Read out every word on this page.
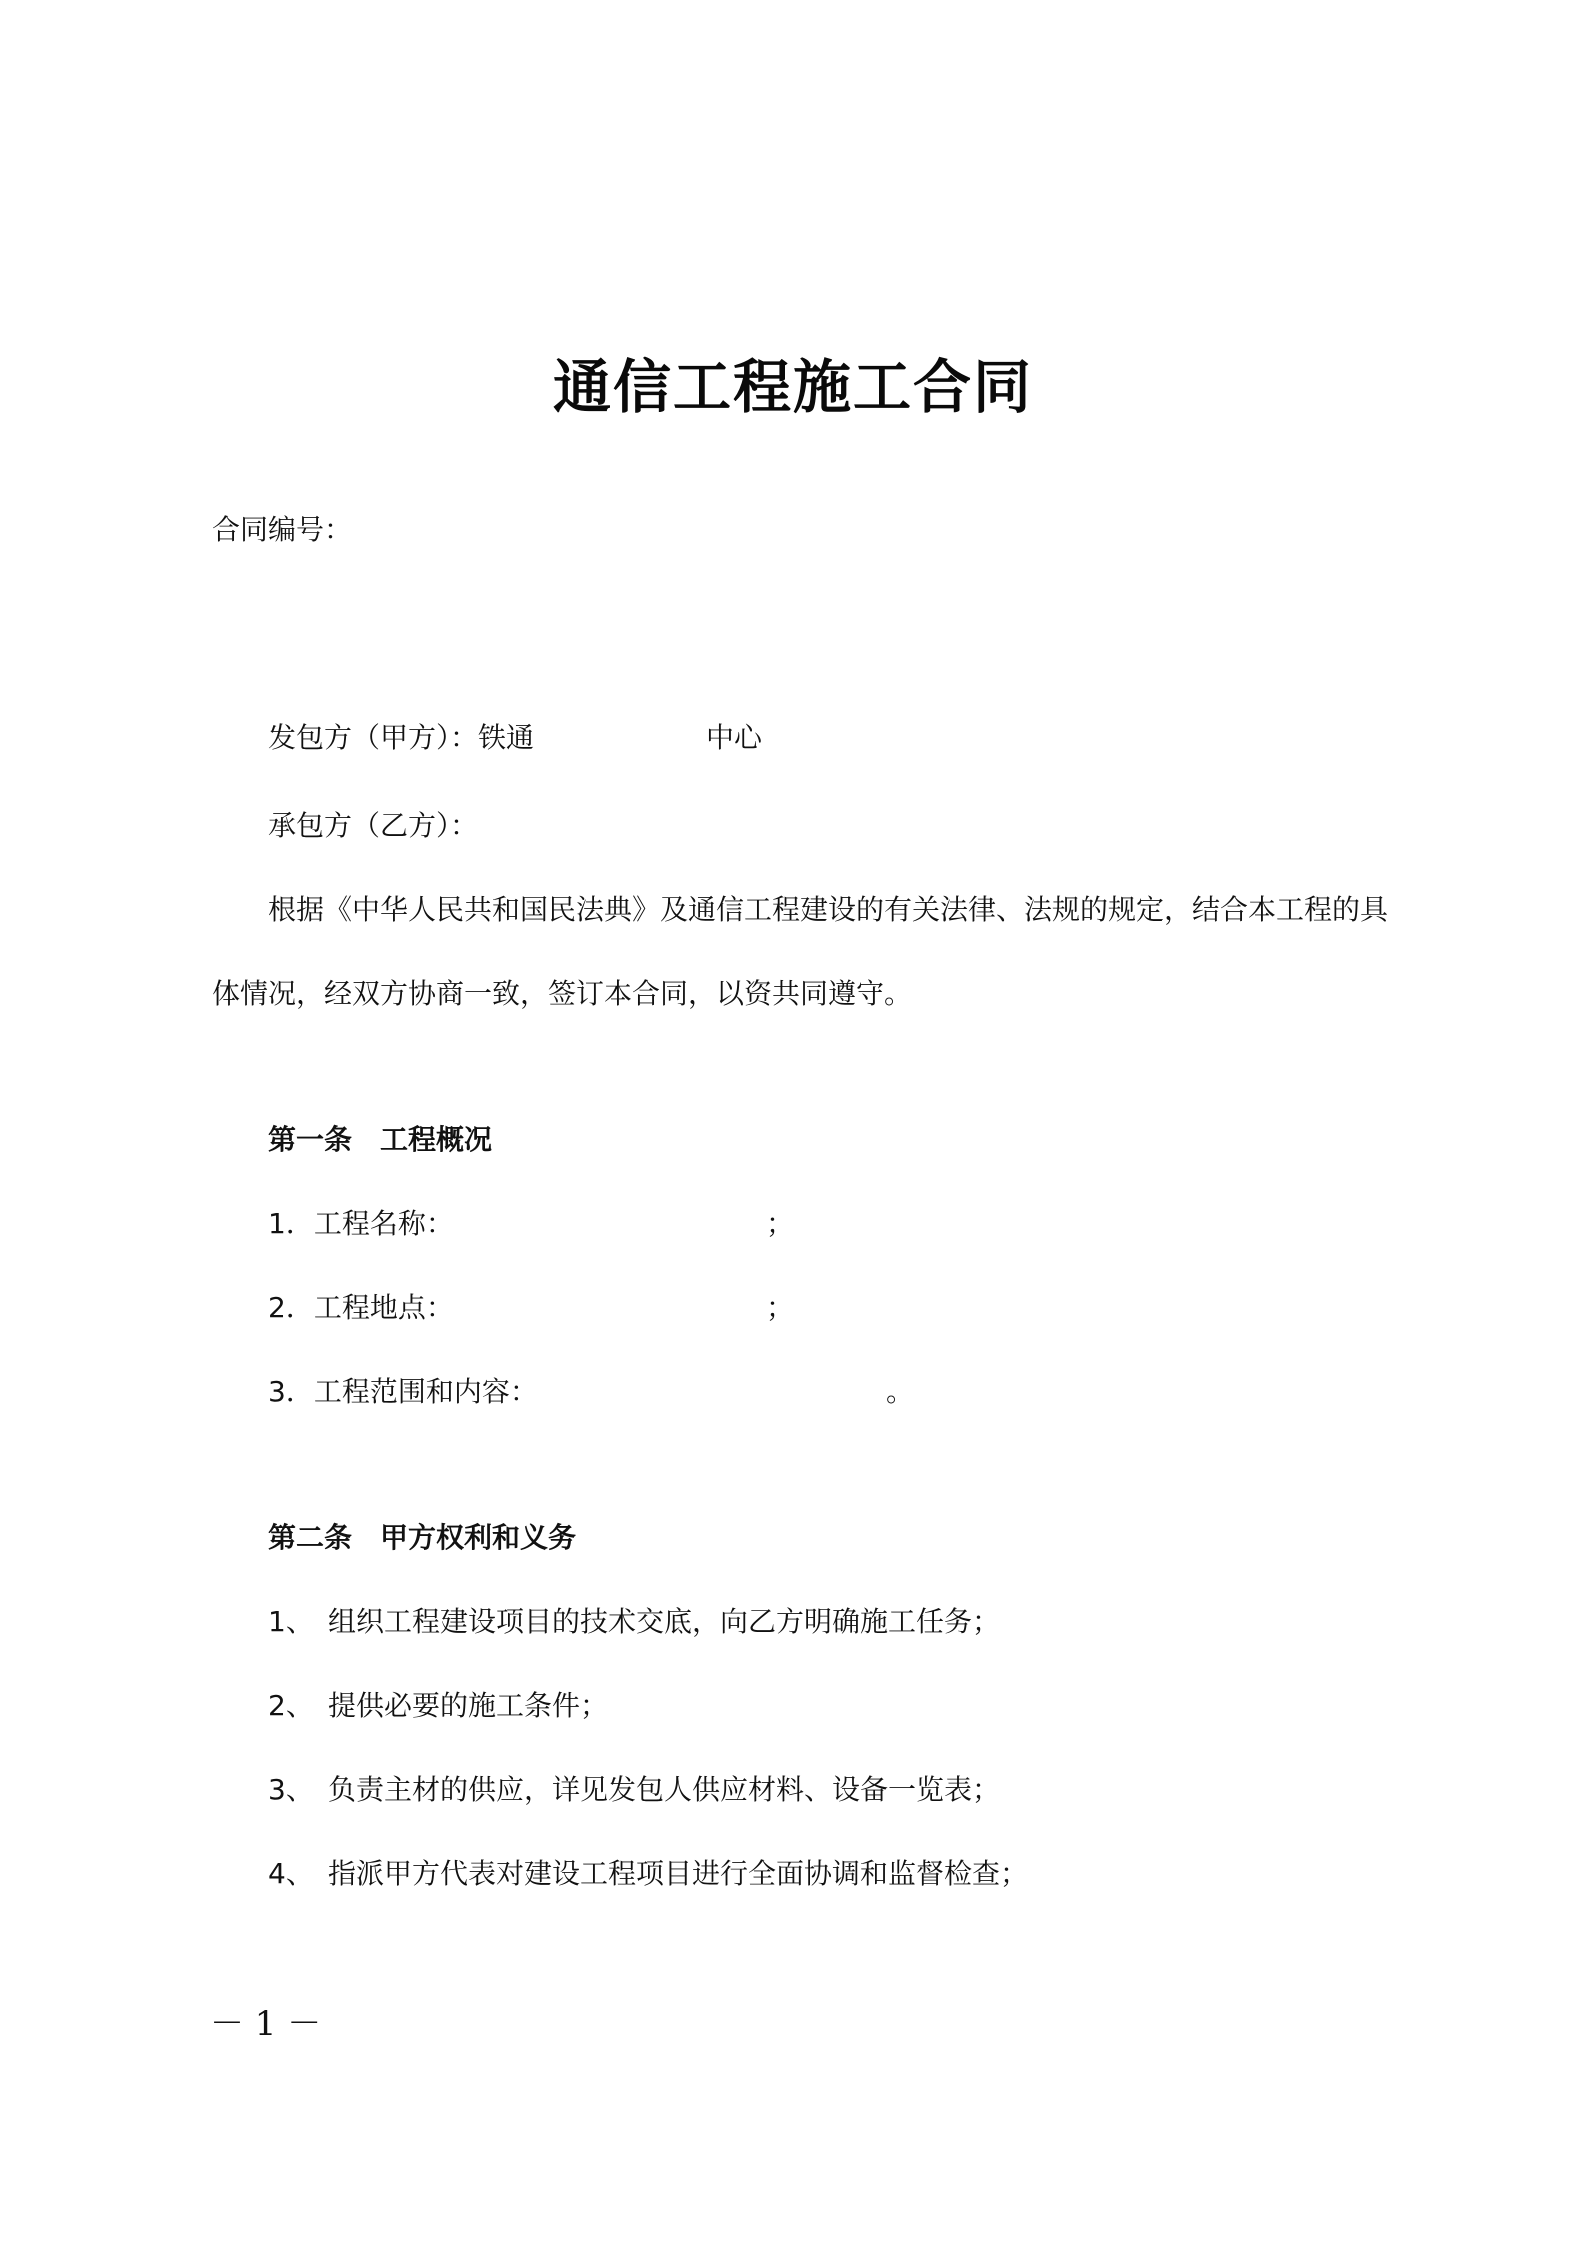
通信工程施工合同
合同编号：
发包方（甲方）：铁通	中心
承包方（乙方）：
根据《中华人民共和国民法典》及通信工程建设的有关法律、法规的规定，结合本工程的具
体情况，经双方协商一致，签订本合同，以资共同遵守。
第一条　工程概况
1．工程名称：	；
2．工程地点：	；
3．工程范围和内容：	。
第二条　甲方权利和义务
1、 组织工程建设项目的技术交底，向乙方明确施工任务；
2、 提供必要的施工条件；
3、 负责主材的供应，详见发包人供应材料、设备一览表；
4、 指派甲方代表对建设工程项目进行全面协调和监督检查；
－ 1 －
